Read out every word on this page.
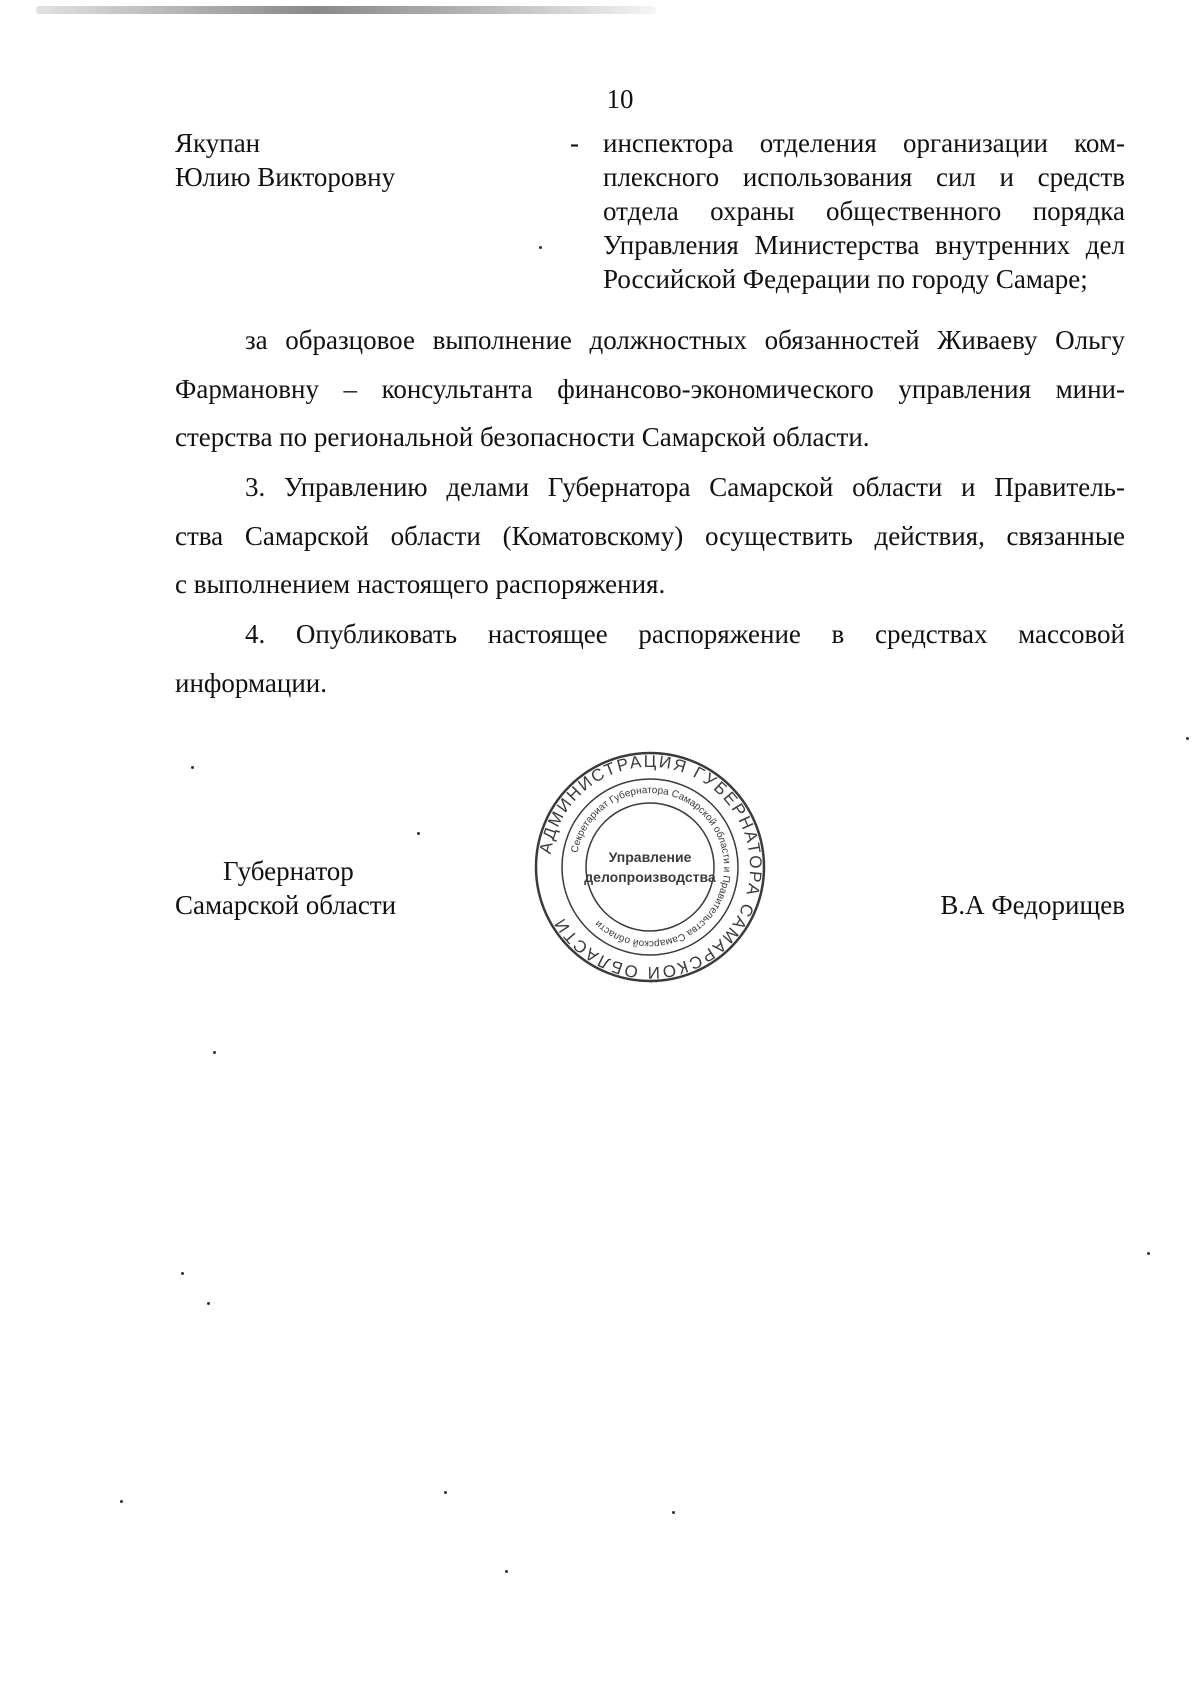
10
Якупан
Юлию Викторовну
- инспектора отделения организации ком-
плексного использования сил и средств
отдела охраны общественного порядка
Управления Министерства внутренних дел
Российской Федерации по городу Самаре;
за образцовое выполнение должностных обязанностей Живаеву Ольгу
Фармановну – консультанта финансово-экономического управления мини-
стерства по региональной безопасности Самарской области.
3. Управлению делами Губернатора Самарской области и Правитель-
ства Самарской области (Коматовскому) осуществить действия, связанные
с выполнением настоящего распоряжения.
4. Опубликовать настоящее распоряжение в средствах массовой
информации.
Губернатор
Самарской области
АДМИНИСТРАЦИЯ ГУБЕРНАТОРА САМАРСКОЙ ОБЛАСТИ
Секретариат Губернатора Самарской области и Правительства Самарской области
Управление
делопроизводства
В.А Федорищев
